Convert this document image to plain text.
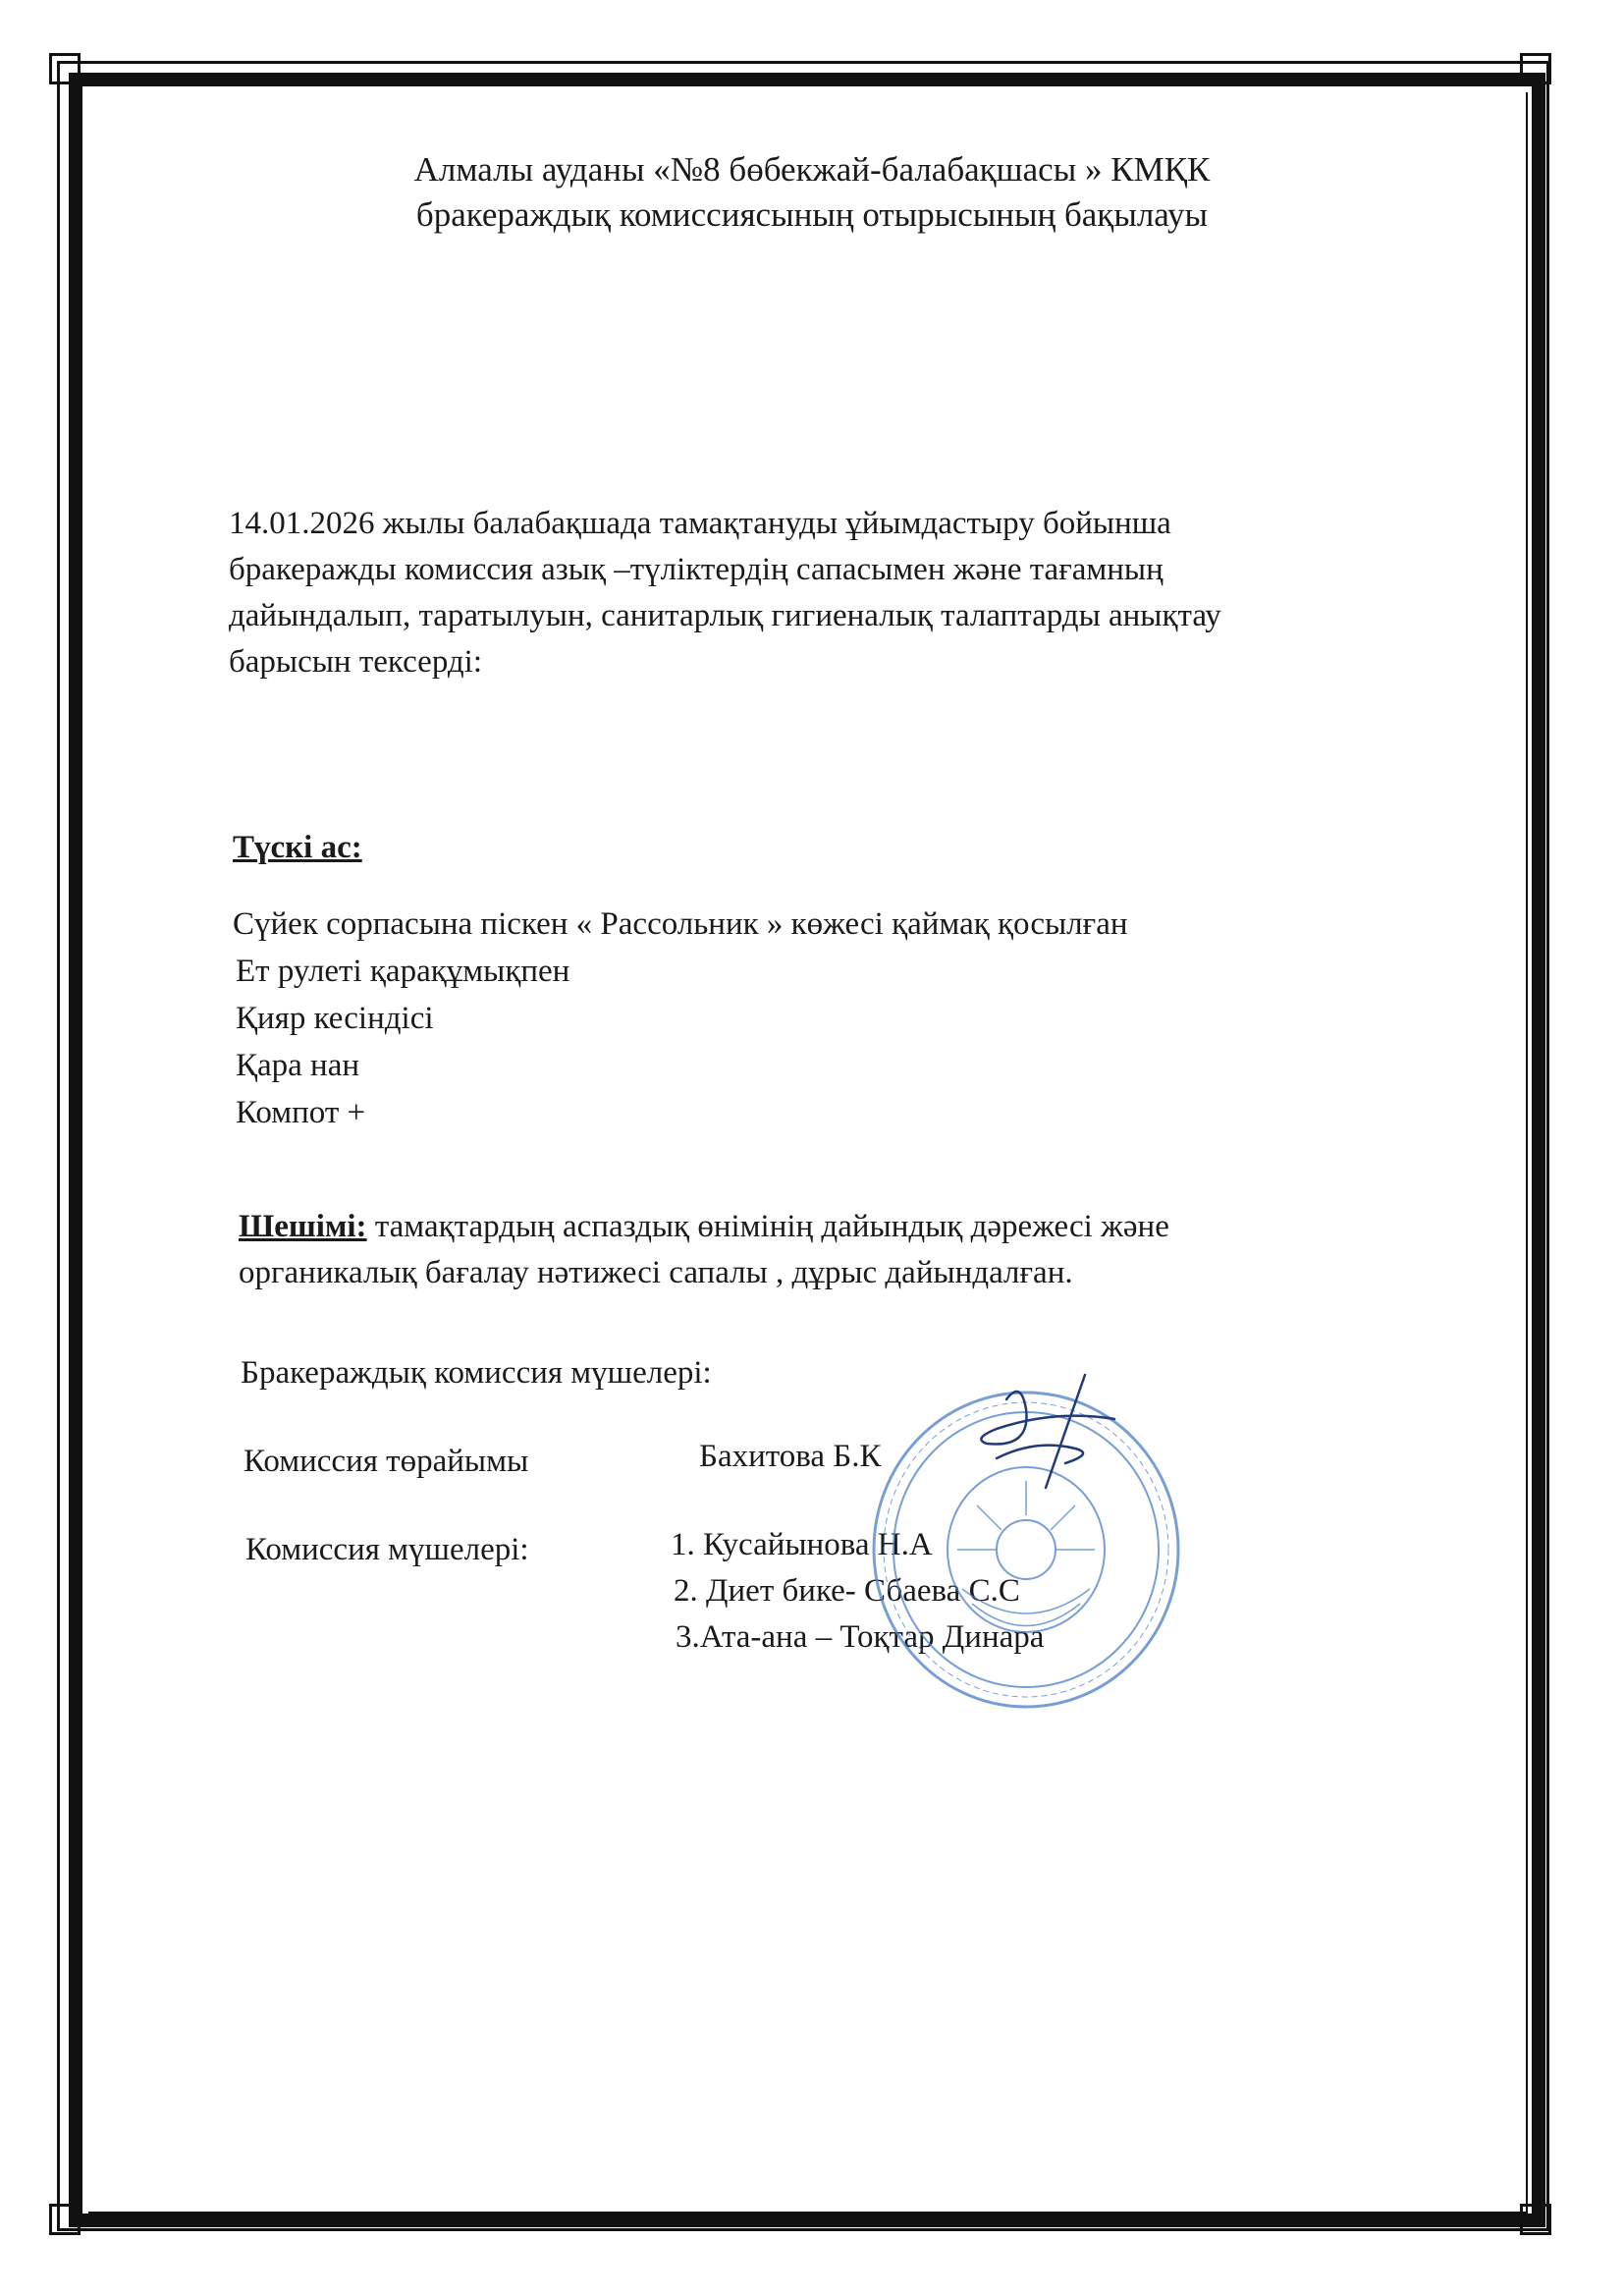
Алмалы ауданы «№8 бөбекжай-балабақшасы » КМҚК
бракераждық комиссиясының отырысының бақылауы
14.01.2026 жылы балабақшада тамақтануды ұйымдастыру бойынша
бракеражды комиссия азық –түліктердің сапасымен және тағамның
дайындалып, таратылуын, санитарлық гигиеналық талаптарды анықтау
барысын тексерді:
Түскі ас:
Сүйек сорпасына піскен « Рассольник » көжесі қаймақ қосылған
Ет рулеті қарақұмықпен
Қияр кесіндісі
Қара нан
Компот +
Шешімі: тамақтардың аспаздық өнімінің дайындық дәрежесі және
органикалық бағалау нәтижесі сапалы , дұрыс дайындалған.
Бракераждық комиссия мүшелері:
Комиссия төрайымы	Бахитова Б.К
Комиссия мүшелері:	1. Кусайынова Н.А
2. Диет бике- Сбаева С.С
3.Ата-ана – Тоқтар Динара
